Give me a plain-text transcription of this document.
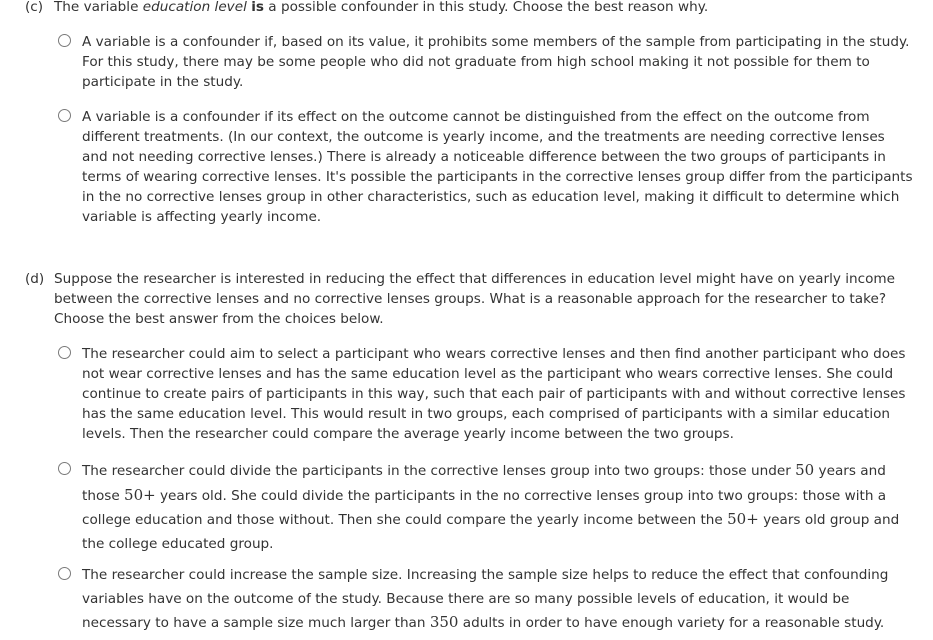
(c) The variable education level is a possible confounder in this study. Choose the best reason why.
A variable is a confounder if, based on its value, it prohibits some members of the sample from participating in the study. For this study, there may be some people who did not graduate from high school making it not possible for them to participate in the study.
A variable is a confounder if its effect on the outcome cannot be distinguished from the effect on the outcome from different treatments. (In our context, the outcome is yearly income, and the treatments are needing corrective lenses and not needing corrective lenses.) There is already a noticeable difference between the two groups of participants in terms of wearing corrective lenses. It's possible the participants in the corrective lenses group differ from the participants in the no corrective lenses group in other characteristics, such as education level, making it difficult to determine which variable is affecting yearly income.
(d) Suppose the researcher is interested in reducing the effect that differences in education level might have on yearly income between the corrective lenses and no corrective lenses groups. What is a reasonable approach for the researcher to take? Choose the best answer from the choices below.
The researcher could aim to select a participant who wears corrective lenses and then find another participant who does not wear corrective lenses and has the same education level as the participant who wears corrective lenses. She could continue to create pairs of participants in this way, such that each pair of participants with and without corrective lenses has the same education level. This would result in two groups, each comprised of participants with a similar education levels. Then the researcher could compare the average yearly income between the two groups.
The researcher could divide the participants in the corrective lenses group into two groups: those under 50 years and those 50+ years old. She could divide the participants in the no corrective lenses group into two groups: those with a college education and those without. Then she could compare the yearly income between the 50+ years old group and the college educated group.
The researcher could increase the sample size. Increasing the sample size helps to reduce the effect that confounding variables have on the outcome of the study. Because there are so many possible levels of education, it would be necessary to have a sample size much larger than 350 adults in order to have enough variety for a reasonable study.
